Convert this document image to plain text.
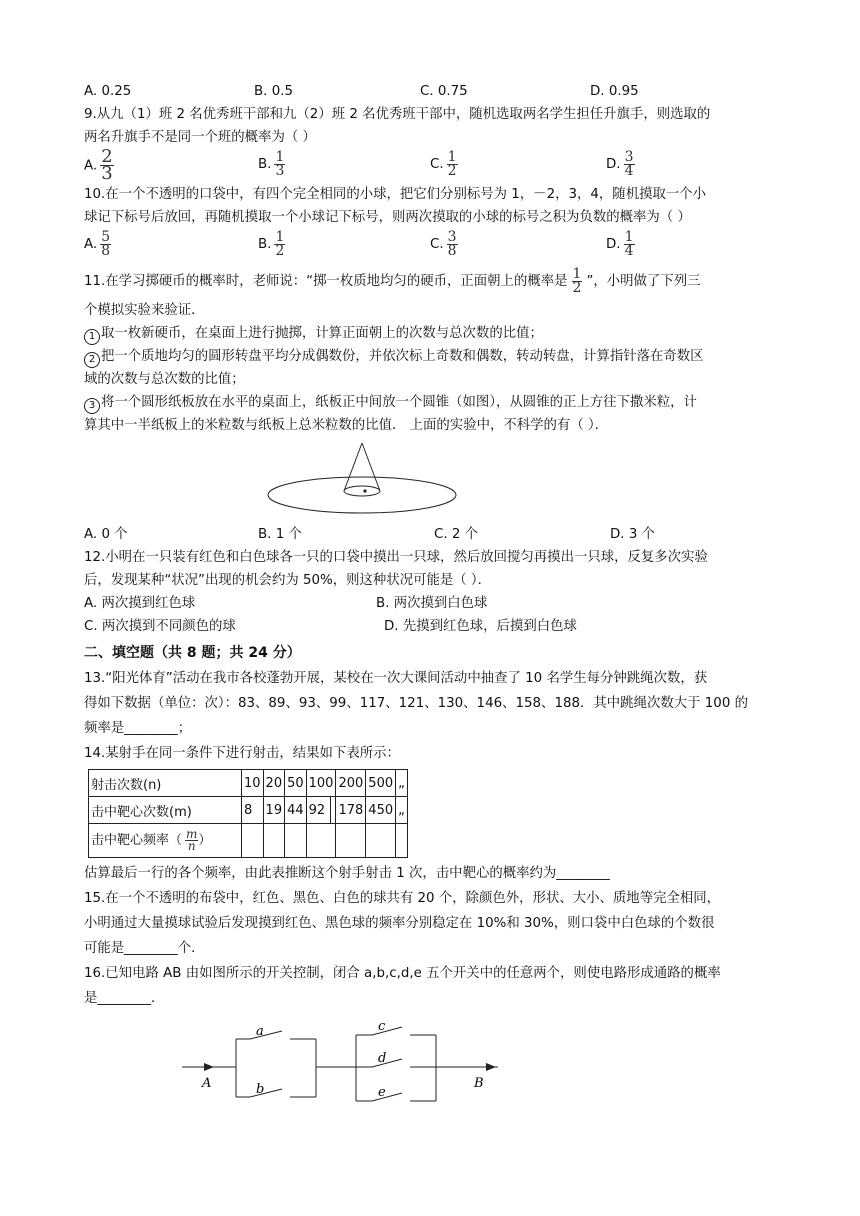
A. 0.25	B. 0.5	C. 0.75	D. 0.95
9.从九（1）班 2 名优秀班干部和九（2）班 2 名优秀班干部中，随机选取两名学生担任升旗手，则选取的
两名升旗手不是同一个班的概率为（ ）
A. $\frac{2}{3}$	B. $\frac{1}{3}$	C. $\frac{1}{2}$	D. $\frac{3}{4}$
10.在一个不透明的口袋中，有四个完全相同的小球，把它们分别标号为 1，－2，3，4，随机摸取一个小
球记下标号后放回，再随机摸取一个小球记下标号，则两次摸取的小球的标号之积为负数的概率为（ ）
A. $\frac{5}{8}$	B. $\frac{1}{2}$	C. $\frac{3}{8}$	D. $\frac{1}{4}$
11.在学习掷硬币的概率时，老师说：“掷一枚质地均匀的硬币，正面朝上的概率是 $\frac{1}{2}$ ”，小明做了下列三
个模拟实验来验证．
1 取一枚新硬币，在桌面上进行抛掷，计算正面朝上的次数与总次数的比值；
2 把一个质地均匀的圆形转盘平均分成偶数份，并依次标上奇数和偶数，转动转盘，计算指针落在奇数区
域的次数与总次数的比值；
3 将一个圆形纸板放在水平的桌面上，纸板正中间放一个圆锥（如图），从圆锥的正上方往下撒米粒，计
算其中一半纸板上的米粒数与纸板上总米粒数的比值． 上面的实验中，不科学的有（ ）．
A. 0 个	B. 1 个	C. 2 个	D. 3 个
12.小明在一只装有红色和白色球各一只的口袋中摸出一只球，然后放回搅匀再摸出一只球，反复多次实验
后，发现某种“状况”出现的机会约为 50%，则这种状况可能是（ ）．
A. 两次摸到红色球	B. 两次摸到白色球
C. 两次摸到不同颜色的球	D. 先摸到红色球，后摸到白色球
二、填空题（共 8 题；共 24 分）
13.“阳光体育”活动在我市各校蓬勃开展，某校在一次大课间活动中抽查了 10 名学生每分钟跳绳次数，获
得如下数据（单位：次）：83、89、93、99、117、121、130、146、158、188．其中跳绳次数大于 100 的
频率是________；
14.某射手在同一条件下进行射击，结果如下表所示：
射击次数(n)	10	20	50	100		200	500	„
击中靶心次数(m)	8	19	44	92		178	450	„
击中靶心频率（ $\frac{m}{n}$ ）								
估算最后一行的各个频率，由此表推断这个射手射击 1 次，击中靶心的概率约为________
15.在一个不透明的布袋中，红色、黑色、白色的球共有 20 个，除颜色外，形状、大小、质地等完全相同，
小明通过大量摸球试验后发现摸到红色、黑色球的频率分别稳定在 10%和 30%，则口袋中白色球的个数很
可能是________个．
16.已知电路 AB 由如图所示的开关控制，闭合 a,b,c,d,e 五个开关中的任意两个，则使电路形成通路的概率
是________．
a
b
c
d
e
A	B
